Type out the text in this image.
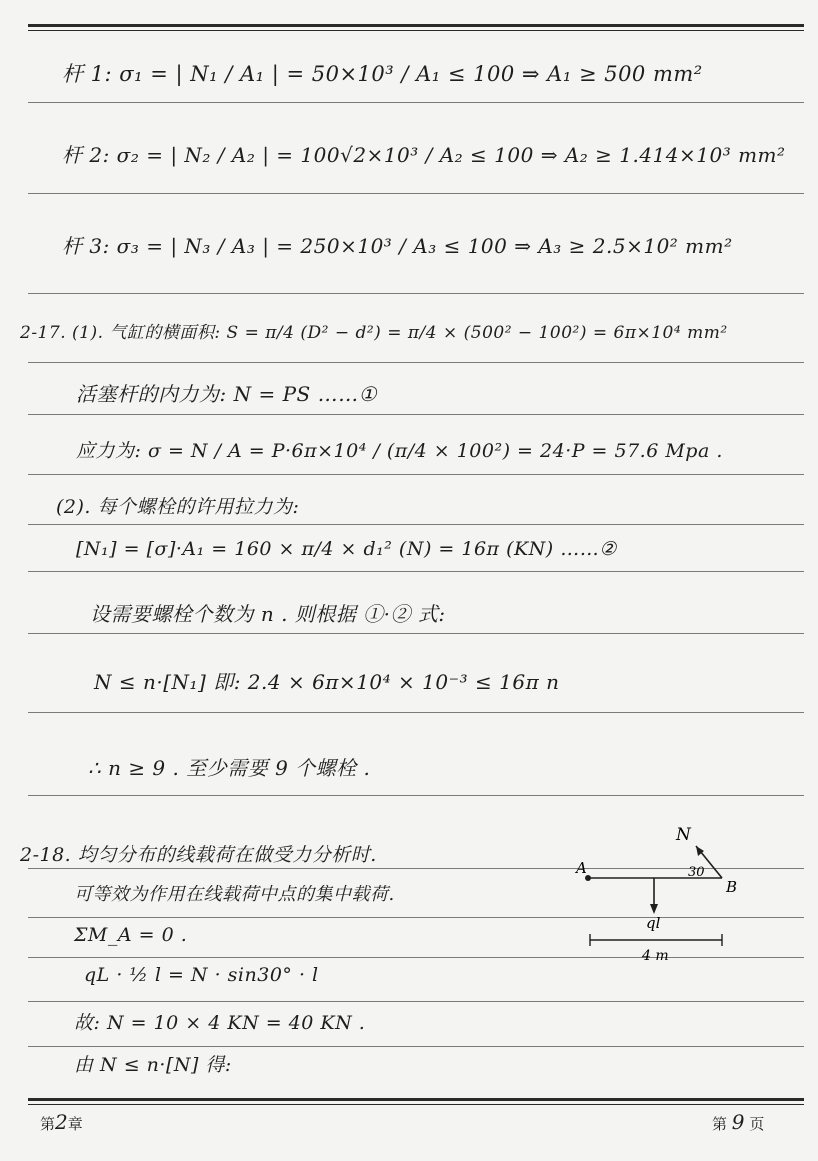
杆 1: σ₁ = | N₁ / A₁ | = 50×10³ / A₁ ≤ 100 ⇒ A₁ ≥ 500 mm²
杆 2: σ₂ = | N₂ / A₂ | = 100√2×10³ / A₂ ≤ 100 ⇒ A₂ ≥ 1.414×10³ mm²
杆 3: σ₃ = | N₃ / A₃ | = 250×10³ / A₃ ≤ 100 ⇒ A₃ ≥ 2.5×10² mm²
2-17. (1). 气缸的横面积: S = π/4 (D² − d²) = π/4 × (500² − 100²) = 6π×10⁴ mm²
活塞杆的内力为: N = PS ……①
应力为: σ = N / A = P·6π×10⁴ / (π/4 × 100²) = 24·P = 57.6 Mpa .
(2). 每个螺栓的许用拉力为:
[N₁] = [σ]·A₁ = 160 × π/4 × d₁² (N) = 16π (KN) ……②
设需要螺栓个数为 n . 则根据 ①·② 式:
N ≤ n·[N₁] 即: 2.4 × 6π×10⁴ × 10⁻³ ≤ 16π n
∴ n ≥ 9 . 至少需要 9 个螺栓 .
2-18. 均匀分布的线载荷在做受力分析时.
可等效为作用在线载荷中点的集中载荷.
ΣM_A = 0 .
qL · ½ l = N · sin30° · l
故: N = 10 × 4 KN = 40 KN .
由 N ≤ n·[N] 得:
N
A
B
30
ql
4 m
第2章	第 9 页
